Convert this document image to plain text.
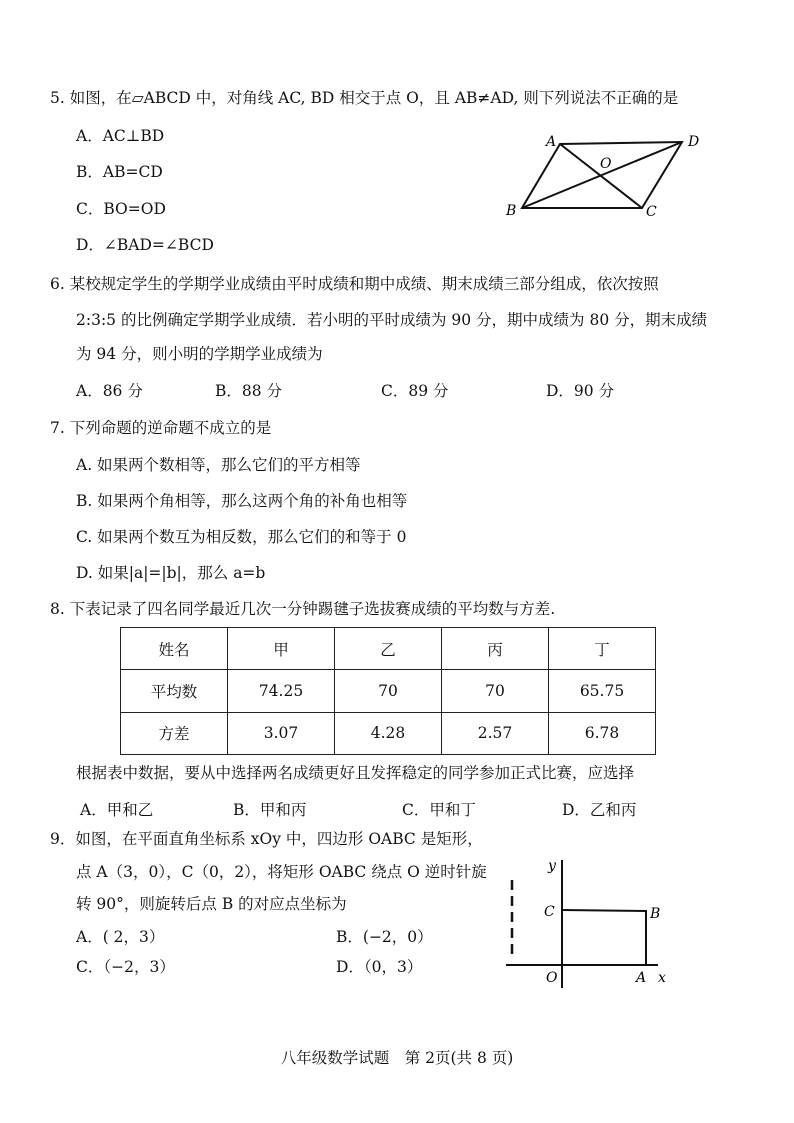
5. 如图，在▱ABCD 中，对角线 AC, BD 相交于点 O，且 AB≠AD, 则下列说法不正确的是
A．AC⊥BD
B．AB=CD
C．BO=OD
D．∠BAD=∠BCD
A	D
O
B	C
6. 某校规定学生的学期学业成绩由平时成绩和期中成绩、期末成绩三部分组成，依次按照
2:3:5 的比例确定学期学业成绩．若小明的平时成绩为 90 分，期中成绩为 80 分，期末成绩
为 94 分，则小明的学期学业成绩为
A．86 分	B．88 分	C．89 分	D．90 分
7. 下列命题的逆命题不成立的是
A. 如果两个数相等，那么它们的平方相等
B. 如果两个角相等，那么这两个角的补角也相等
C. 如果两个数互为相反数，那么它们的和等于 0
D. 如果|a|=|b|，那么 a=b
8. 下表记录了四名同学最近几次一分钟踢毽子选拔赛成绩的平均数与方差.
姓名	甲	乙	丙	丁
平均数	74.25	70	70	65.75
方差	3.07	4.28	2.57	6.78
根据表中数据，要从中选择两名成绩更好且发挥稳定的同学参加正式比赛，应选择
A．甲和乙	B．甲和丙	C．甲和丁	D．乙和丙
9．如图，在平面直角坐标系 xOy 中，四边形 OABC 是矩形，
点 A（3，0），C（0，2），将矩形 OABC 绕点 O 逆时针旋
转 90°，则旋转后点 B 的对应点坐标为
A．( 2，3）	B．(−2，0）
C．（−2，3）	D．（0，3）
y
C	B
O	A x
八年级数学试题　第 2页(共 8 页)
